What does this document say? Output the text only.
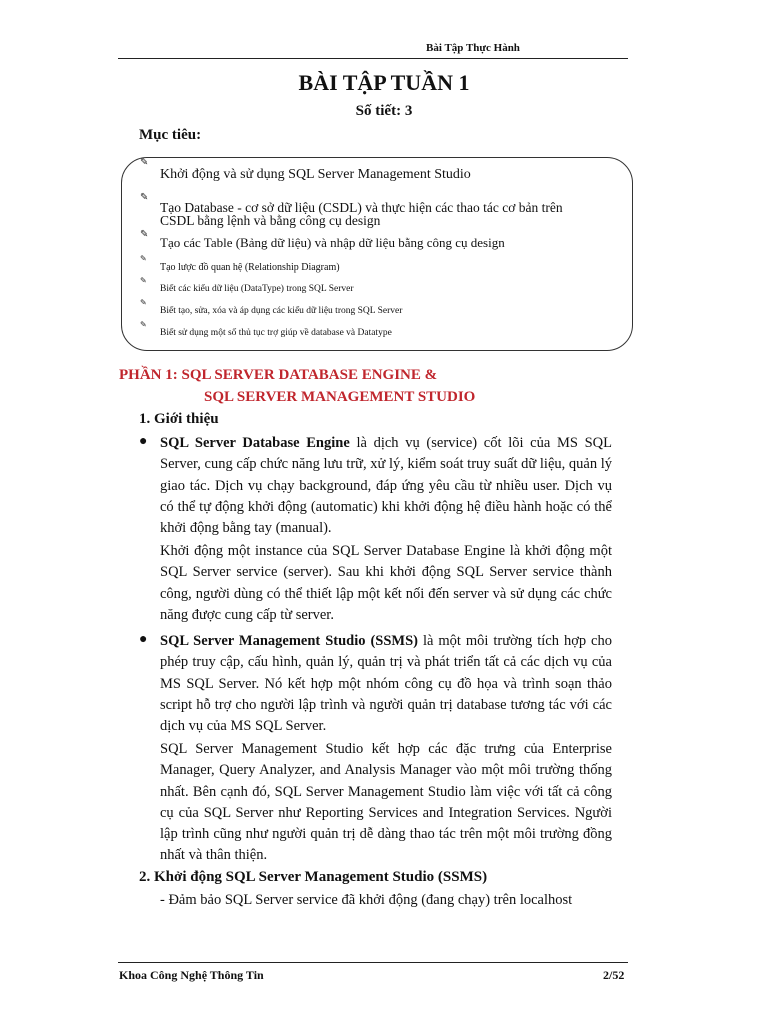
Bài Tập Thực Hành
BÀI TẬP TUẦN 1
Số tiết: 3
Mục tiêu:
✎
Khởi động và sử dụng SQL Server Management Studio
✎
Tạo Database - cơ sở dữ liệu (CSDL) và thực hiện các thao tác cơ bản trên
CSDL bằng lệnh và bằng công cụ design
✎
Tạo các Table (Bảng dữ liệu) và nhập dữ liệu bằng công cụ design
✎
Tạo lược đồ quan hệ (Relationship Diagram)
✎
Biết các kiểu dữ liệu (DataType) trong SQL Server
✎
Biết tạo, sửa, xóa và áp dụng các kiểu dữ liệu trong SQL Server
✎
Biết sử dụng một số thủ tục trợ giúp về database và Datatype
PHẦN 1: SQL SERVER DATABASE ENGINE &
SQL SERVER MANAGEMENT STUDIO
1. Giới thiệu
● SQL Server Database Engine là dịch vụ (service) cốt lõi của MS SQL Server, cung cấp chức năng lưu trữ, xử lý, kiểm soát truy suất dữ liệu, quản lý giao tác. Dịch vụ chạy background, đáp ứng yêu cầu từ nhiều user. Dịch vụ có thể tự động khởi động (automatic) khi khởi động hệ điều hành hoặc có thể khởi động bằng tay (manual).

Khởi động một instance của SQL Server Database Engine là khởi động một SQL Server service (server). Sau khi khởi động SQL Server service thành công, người dùng có thể thiết lập một kết nối đến server và sử dụng các chức năng được cung cấp từ server.

● SQL Server Management Studio (SSMS) là một môi trường tích hợp cho phép truy cập, cấu hình, quản lý, quản trị và phát triển tất cả các dịch vụ của MS SQL Server. Nó kết hợp một nhóm công cụ đồ họa và trình soạn thảo script hỗ trợ cho người lập trình và người quản trị database tương tác với các dịch vụ của MS SQL Server.

SQL Server Management Studio kết hợp các đặc trưng của Enterprise Manager, Query Analyzer, and Analysis Manager vào một môi trường thống nhất. Bên cạnh đó, SQL Server Management Studio làm việc với tất cả công cụ của SQL Server như Reporting Services and Integration Services. Người lập trình cũng như người quản trị dễ dàng thao tác trên một môi trường đồng nhất và thân thiện.

2. Khởi động SQL Server Management Studio (SSMS)
- Đảm bảo SQL Server service đã khởi động (đang chạy) trên localhost
Khoa Công Nghệ Thông Tin	2/52
